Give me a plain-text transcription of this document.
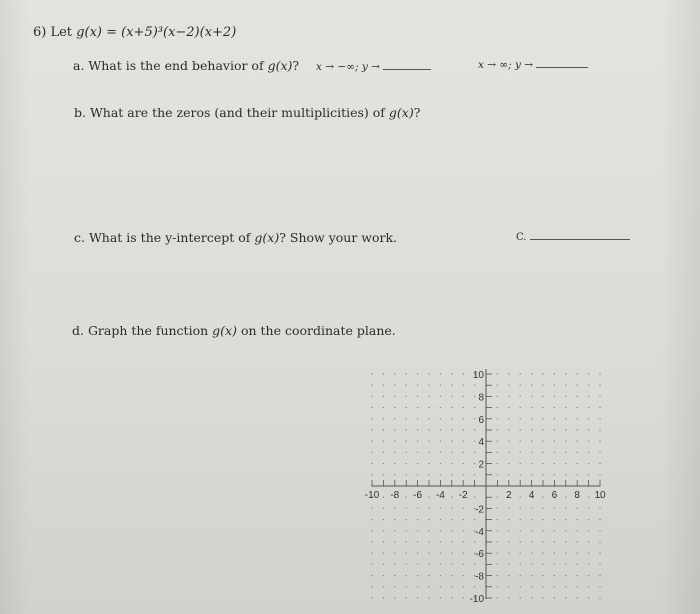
6) Let g(x) = (x+5)³(x−2)(x+2)
a. What is the end behavior of g(x)? x → −∞; y →	x → ∞; y →
b. What are the zeros (and their multiplicities) of g(x)?
c. What is the y-intercept of g(x)? Show your work.	C.
d. Graph the function g(x) on the coordinate plane.
-10 -8 -6 -4 -2	2 4 6 8 10
10
8
6
4
2
-2
-4
-6
-8
-10
